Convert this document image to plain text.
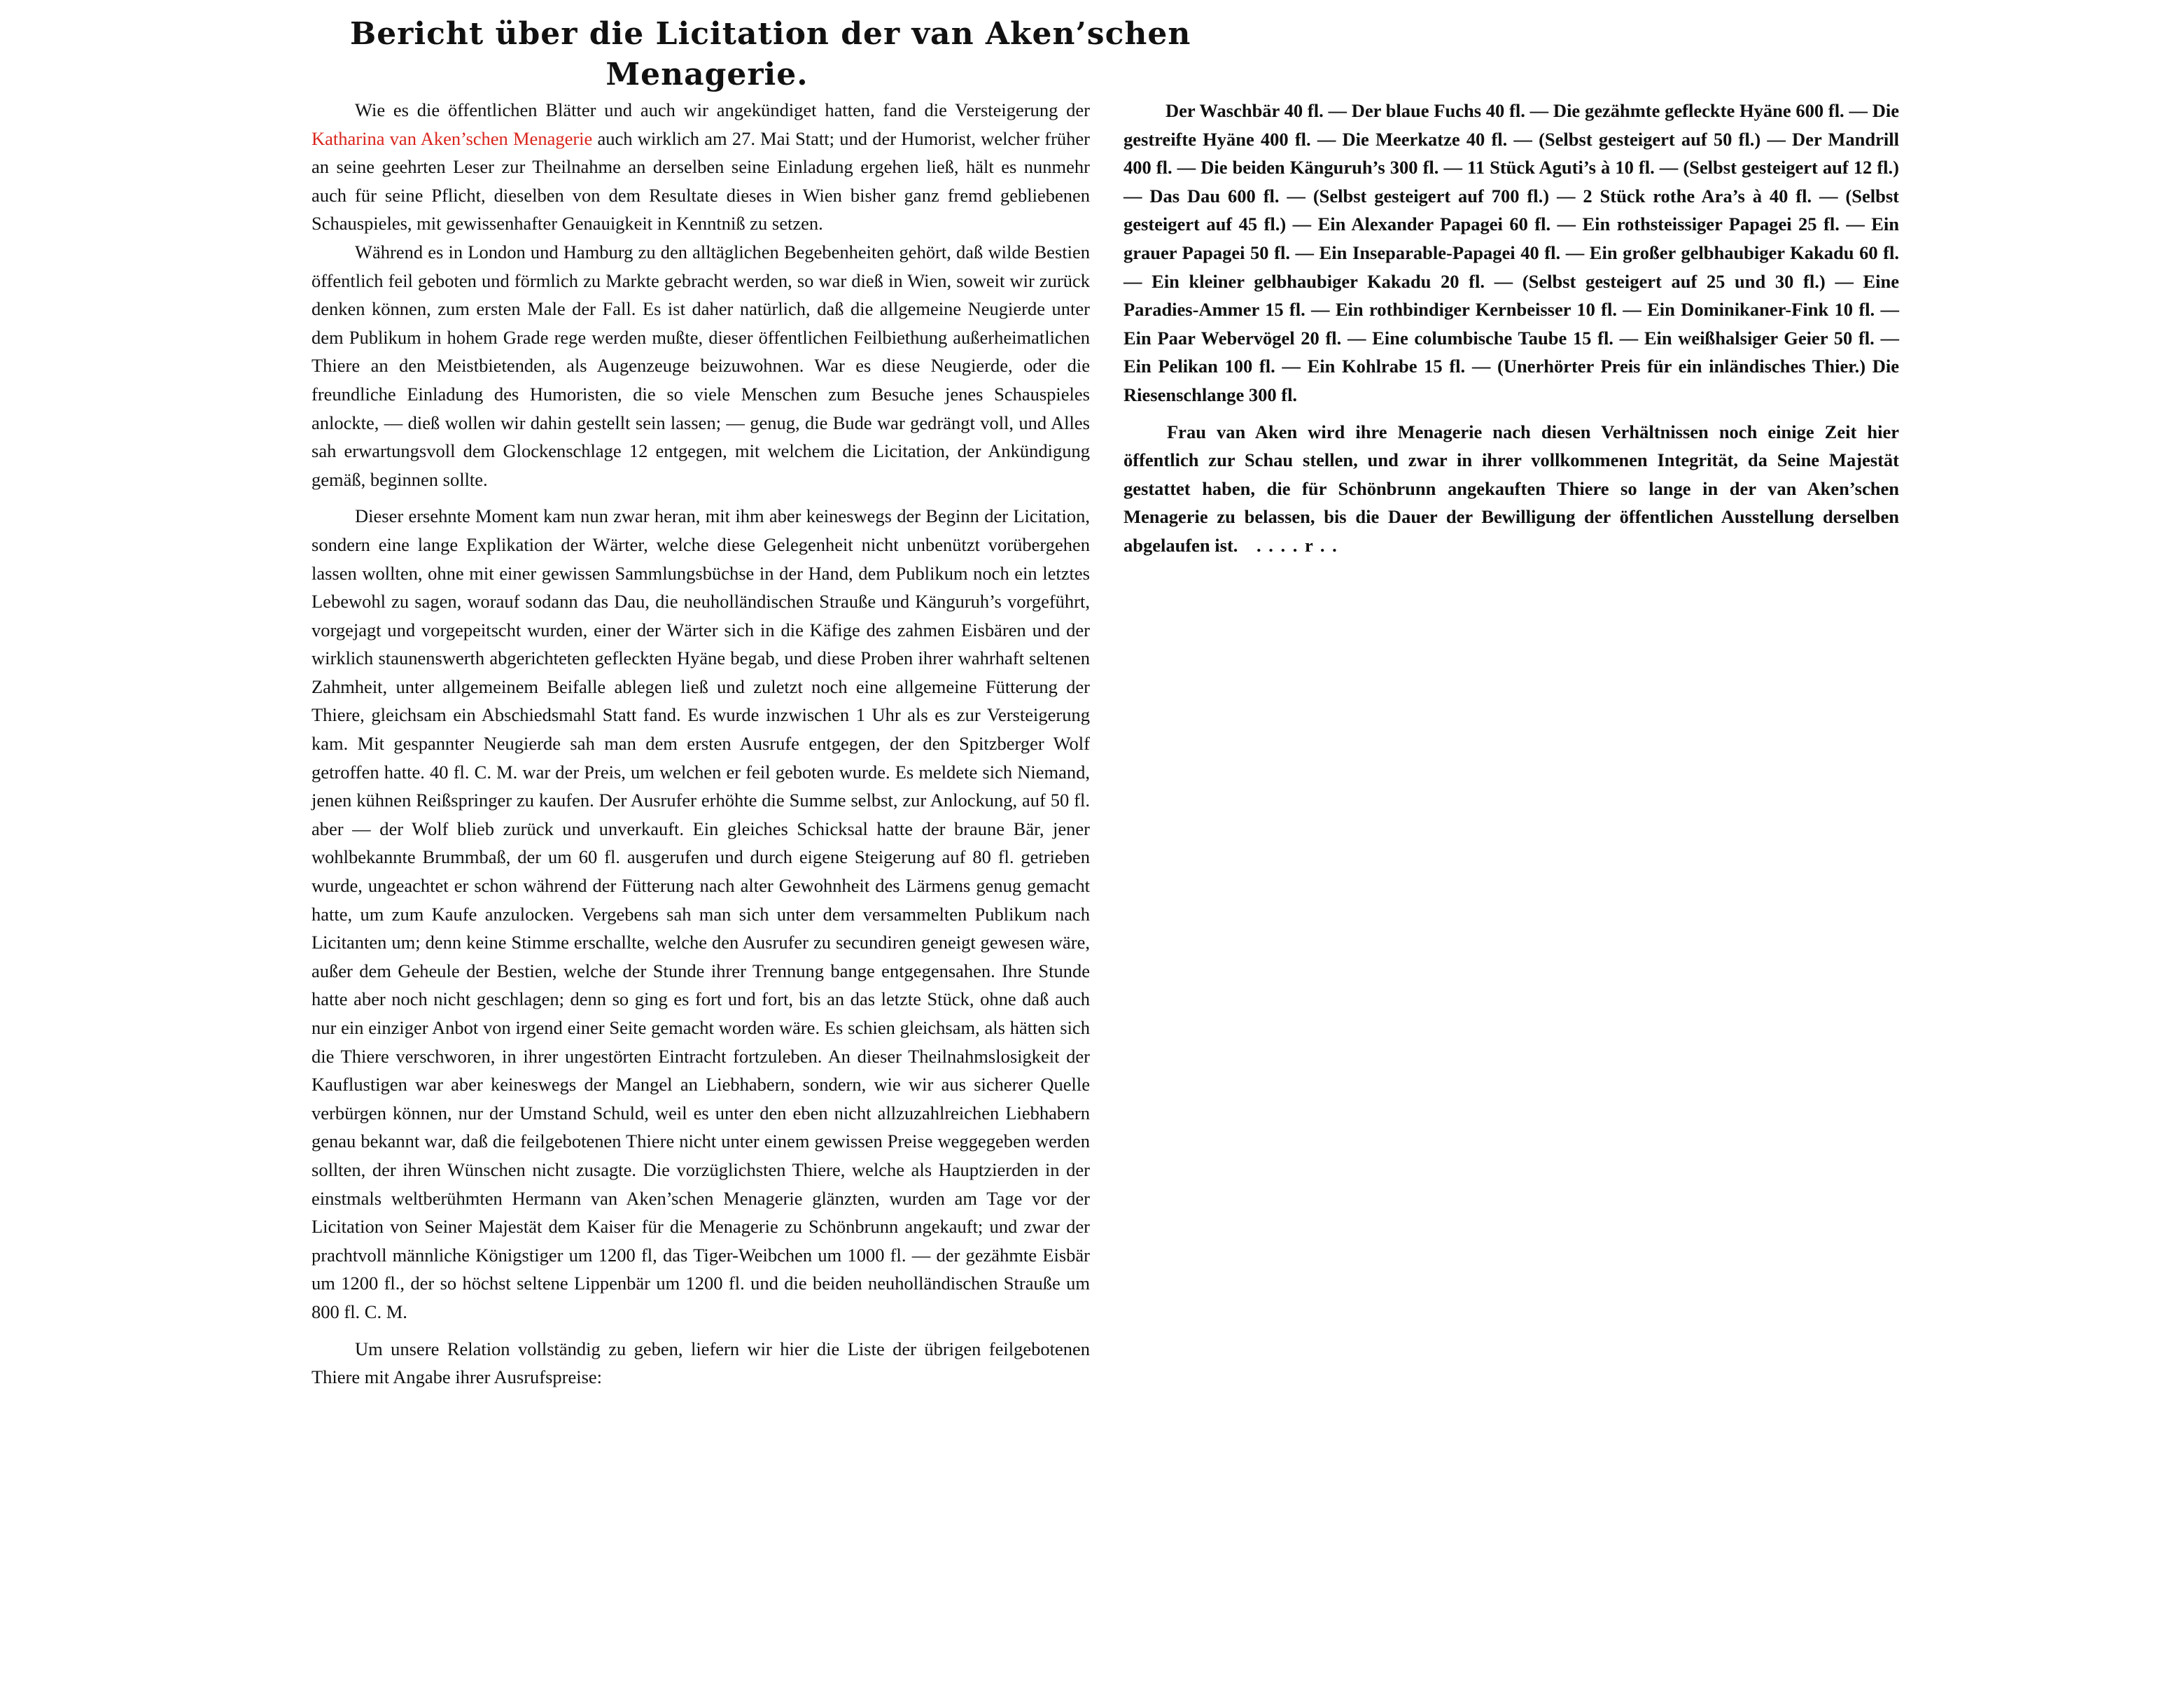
Bericht über die Licitation der van Aken’schen
Menagerie.

Wie es die öffentlichen Blätter und auch wir angekündiget hatten, fand die Versteigerung der Katharina van Aken’schen Menagerie auch wirklich am 27. Mai Statt; und der Humorist, welcher früher an seine geehrten Leser zur Theilnahme an derselben seine Einladung ergehen ließ, hält es nunmehr auch für seine Pflicht, dieselben von dem Resultate dieses in Wien bisher ganz fremd gebliebenen Schauspieles, mit gewissenhafter Genauigkeit in Kenntniß zu setzen.

Während es in London und Hamburg zu den alltäglichen Begebenheiten gehört, daß wilde Bestien öffentlich feil geboten und förmlich zu Markte gebracht werden, so war dieß in Wien, soweit wir zurück denken können, zum ersten Male der Fall. Es ist daher natürlich, daß die allgemeine Neugierde unter dem Publikum in hohem Grade rege werden mußte, dieser öffentlichen Feilbiethung außerheimatlichen Thiere an den Meistbietenden, als Augenzeuge beizuwohnen. War es diese Neugierde, oder die freundliche Einladung des Humoristen, die so viele Menschen zum Besuche jenes Schauspieles anlockte, — dieß wollen wir dahin gestellt sein lassen; — genug, die Bude war gedrängt voll, und Alles sah erwartungsvoll dem Glockenschlage 12 entgegen, mit welchem die Licitation, der Ankündigung gemäß, beginnen sollte.

Dieser ersehnte Moment kam nun zwar heran, mit ihm aber keineswegs der Beginn der Licitation, sondern eine lange Explikation der Wärter, welche diese Gelegenheit nicht unbenützt vorübergehen lassen wollten, ohne mit einer gewissen Sammlungsbüchse in der Hand, dem Publikum noch ein letztes Lebewohl zu sagen, worauf sodann das Dau, die neuholländischen Strauße und Känguruh’s vorgeführt, vorgejagt und vorgepeitscht wurden, einer der Wärter sich in die Käfige des zahmen Eisbären und der wirklich staunenswerth abgerichteten gefleckten Hyäne begab, und diese Proben ihrer wahrhaft seltenen Zahmheit, unter allgemeinem Beifalle ablegen ließ und zuletzt noch eine allgemeine Fütterung der Thiere, gleichsam ein Abschiedsmahl Statt fand. Es wurde inzwischen 1 Uhr als es zur Versteigerung kam. Mit gespannter Neugierde sah man dem ersten Ausrufe entgegen, der den Spitzberger Wolf getroffen hatte. 40 fl. C. M. war der Preis, um welchen er feil geboten wurde. Es meldete sich Niemand, jenen kühnen Reißspringer zu kaufen. Der Ausrufer erhöhte die Summe selbst, zur Anlockung, auf 50 fl. aber — der Wolf blieb zurück und unverkauft. Ein gleiches Schicksal hatte der braune Bär, jener wohlbekannte Brummbaß, der um 60 fl. ausgerufen und durch eigene Steigerung auf 80 fl. getrieben wurde, ungeachtet er schon während der Fütterung nach alter Gewohnheit des Lärmens genug gemacht hatte, um zum Kaufe anzulocken. Vergebens sah man sich unter dem versammelten Publikum nach Licitanten um; denn keine Stimme erschallte, welche den Ausrufer zu secundiren geneigt gewesen wäre, außer dem Geheule der Bestien, welche der Stunde ihrer Trennung bange entgegensahen. Ihre Stunde hatte aber noch nicht geschlagen; denn so ging es fort und fort, bis an das letzte Stück, ohne daß auch nur ein einziger Anbot von irgend einer Seite gemacht worden wäre. Es schien gleichsam, als hätten sich die Thiere verschworen, in ihrer ungestörten Eintracht fortzuleben. An dieser Theilnahmslosigkeit der Kauflustigen war aber keineswegs der Mangel an Liebhabern, sondern, wie wir aus sicherer Quelle verbürgen können, nur der Umstand Schuld, weil es unter den eben nicht allzuzahlreichen Liebhabern genau bekannt war, daß die feilgebotenen Thiere nicht unter einem gewissen Preise weggegeben werden sollten, der ihren Wünschen nicht zusagte. Die vorzüglichsten Thiere, welche als Hauptzierden in der einstmals weltberühmten Hermann van Aken’schen Menagerie glänzten, wurden am Tage vor der Licitation von Seiner Majestät dem Kaiser für die Menagerie zu Schönbrunn angekauft; und zwar der prachtvoll männliche Königstiger um 1200 fl, das Tiger-Weibchen um 1000 fl. — der gezähmte Eisbär um 1200 fl., der so höchst seltene Lippenbär um 1200 fl. und die beiden neuholländischen Strauße um 800 fl. C. M.

Um unsere Relation vollständig zu geben, liefern wir hier die Liste der übrigen feilgebotenen Thiere mit Angabe ihrer Ausrufspreise:

Der Waschbär 40 fl. — Der blaue Fuchs 40 fl. — Die gezähmte gefleckte Hyäne 600 fl. — Die gestreifte Hyäne 400 fl. — Die Meerkatze 40 fl. — (Selbst gesteigert auf 50 fl.) — Der Mandrill 400 fl. — Die beiden Känguruh’s 300 fl. — 11 Stück Aguti’s à 10 fl. — (Selbst gesteigert auf 12 fl.) — Das Dau 600 fl. — (Selbst gesteigert auf 700 fl.) — 2 Stück rothe Ara’s à 40 fl. — (Selbst gesteigert auf 45 fl.) — Ein Alexander Papagei 60 fl. — Ein rothsteissiger Papagei 25 fl. — Ein grauer Papagei 50 fl. — Ein Inseparable-Papagei 40 fl. — Ein großer gelbhaubiger Kakadu 60 fl. — Ein kleiner gelbhaubiger Kakadu 20 fl. — (Selbst gesteigert auf 25 und 30 fl.) — Eine Paradies-Ammer 15 fl. — Ein rothbindiger Kernbeisser 10 fl. — Ein Dominikaner-Fink 10 fl. — Ein Paar Webervögel 20 fl. — Eine columbische Taube 15 fl. — Ein weißhalsiger Geier 50 fl. — Ein Pelikan 100 fl. — Ein Kohlrabe 15 fl. — (Unerhörter Preis für ein inländisches Thier.) Die Riesenschlange 300 fl.

Frau van Aken wird ihre Menagerie nach diesen Verhältnissen noch einige Zeit hier öffentlich zur Schau stellen, und zwar in ihrer vollkommenen Integrität, da Seine Majestät gestattet haben, die für Schönbrunn angekauften Thiere so lange in der van Aken’schen Menagerie zu belassen, bis die Dauer der Bewilligung der öffentlichen Ausstellung derselben abgelaufen ist. . . . . r . .
